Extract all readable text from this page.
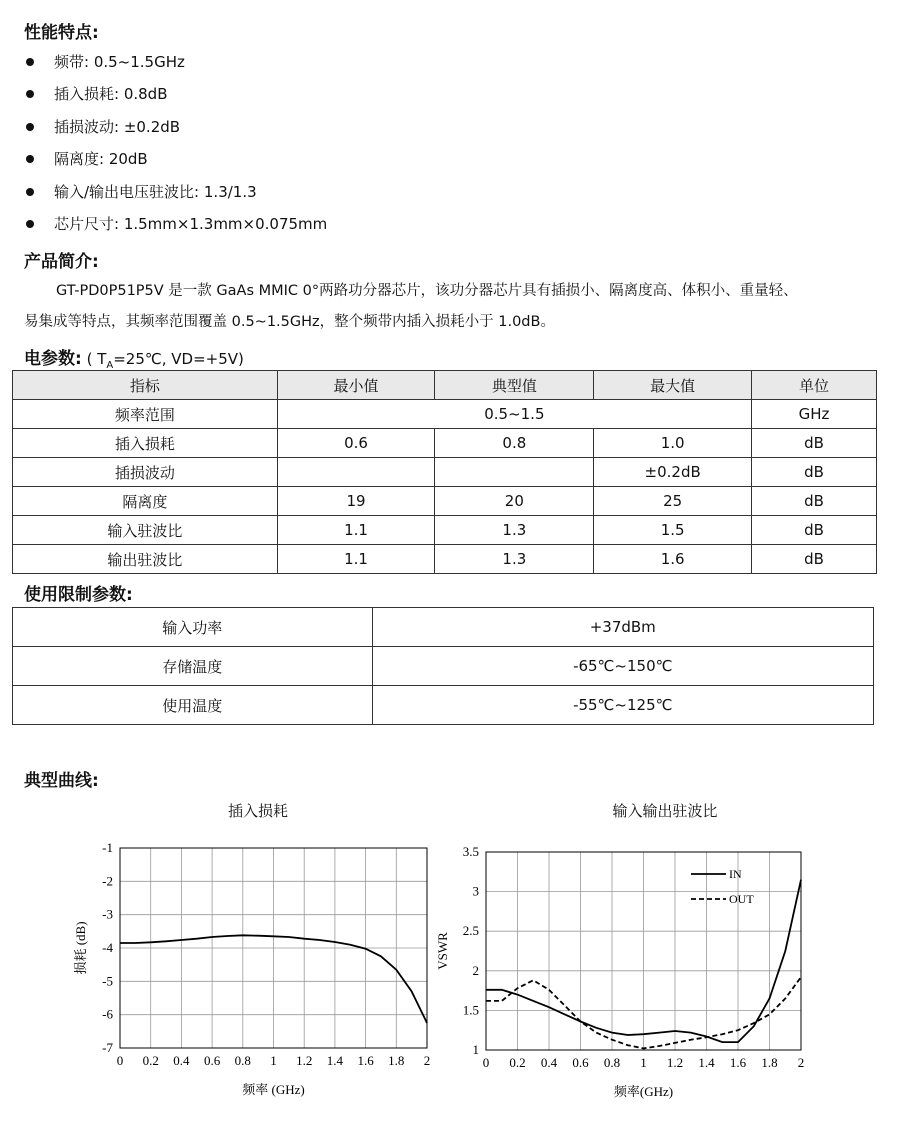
性能特点:
频带: 0.5~1.5GHz
插入损耗: 0.8dB
插损波动: ±0.2dB
隔离度: 20dB
输入/输出电压驻波比: 1.3/1.3
芯片尺寸: 1.5mm×1.3mm×0.075mm
产品简介:
GT-PD0P51P5V 是一款 GaAs MMIC 0°两路功分器芯片，该功分器芯片具有插损小、隔离度高、体积小、重量轻、
易集成等特点，其频率范围覆盖 0.5~1.5GHz，整个频带内插入损耗小于 1.0dB。
电参数: ( $T_A=25℃$, VD=+5V)
指标	最小值	典型值	最大值	单位
频率范围	0.5~1.5			GHz
插入损耗	0.6	0.8	1.0	dB
插损波动			±0.2dB	dB
隔离度	19	20	25	dB
输入驻波比	1.1	1.3	1.5	dB
输出驻波比	1.1	1.3	1.6	dB
使用限制参数:
输入功率	+37dBm
存储温度	-65℃~150℃
使用温度	-55℃~125℃
典型曲线:
插入损耗	输入输出驻波比
0 0.2 0.4 0.6 0.8 1 1.2 1.4 1.6 1.8 2
-1
-2
-3
-4
-5
-6
-7
频率 (GHz)
损耗 (dB)
0 0.2 0.4 0.6 0.8 1 1.2 1.4 1.6 1.8 2
3.5
3
2.5
2
1.5
1
频率(GHz)
VSWR
IN
OUT
